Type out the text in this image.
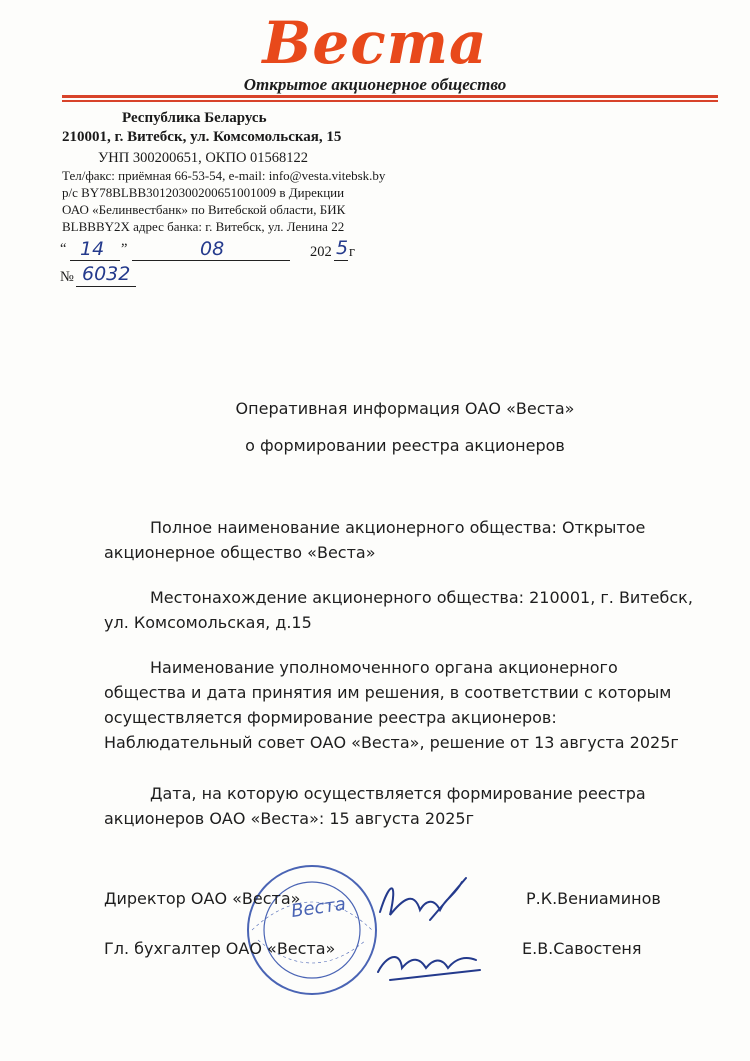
Веста
Открытое акционерное общество
Республика Беларусь
210001, г. Витебск, ул. Комсомольская, 15
УНП 300200651, ОКПО 01568122
Тел/факс: приёмная 66-53-54, e-mail: info@vesta.vitebsk.by
р/с BY78BLBB30120300200651001009 в Дирекции
ОАО «Белинвестбанк» по Витебской области, БИК
BLBBBY2X адрес банка: г. Витебск, ул. Ленина 22
“ 14 ”	08	202 5 г
№ 6032
Оперативная информация ОАО «Веста»
о формировании реестра акционеров
Полное наименование акционерного общества: Открытое акционерное общество «Веста»
Местонахождение акционерного общества: 210001, г. Витебск, ул. Комсомольская, д.15
Наименование уполномоченного органа акционерного общества и дата принятия им решения, в соответствии с которым осуществляется формирование реестра акционеров: Наблюдательный совет ОАО «Веста», решение от 13 августа 2025г
Дата, на которую осуществляется формирование реестра акционеров ОАО «Веста»: 15 августа 2025г
Веста
Директор ОАО «Веста»	Р.К.Вениаминов
Гл. бухгалтер ОАО «Веста»	Е.В.Савостеня
